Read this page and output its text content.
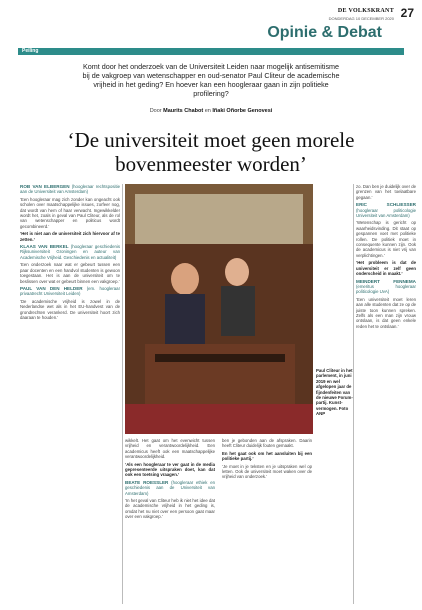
DE VOLKSKRANT
DONDERDAG 10 DECEMBER 2020 27
Opinie & Debat
Peiling
Komt door het onderzoek van de Universiteit Leiden naar mogelijk antisemitisme bij de vakgroep van wetenschapper en oud-senator Paul Cliteur de academische vrijheid in het geding? En hoever kan een hoogleraar gaan in zijn politieke profilering?
Door Maurits Chabot en Iñaki Oñorbe Genovesi
‘De universiteit moet geen morele bovenmeester worden’

ROB VAN ELBERGEN (hoogleraar rechtspositie aan de Universiteit van Amsterdam)

‘Een hoogleraar mag zich zonder kan ongeacht ook scholen over maatschappelijke issues, zorfeer nog, dat wordt van hem of haar verwacht. Ingewikkelder wordt het, zoals in geval van Paul Cliteur, als de rol van wetenschapper en politicus wordt gecombineerd.’

‘Het is niet aan de universiteit zich hiervoor af te zetten.’

KLAAS VAN BERKEL (hoogleraar geschiedenis Rijksuniversiteit Groningen en auteur van Academische Vrijheid. Geschiedenis en actualiteit)

‘Een onderzoek naar wat er gebeurt tussen een paar docenten en een handvol studenten is gewoon toegestaan. Het is aan de universiteit om te beslissen over wat er gebeurt binnen een vakgroep.’

PAUL VAN DEN HELDER (em. hoogleraar privaatrecht Universiteit Leiden)

‘De academische vrijheid is zowel in de Nederlandse wet als in het EU-handvest van de grondrechten verankerd. De universiteit hoort zich daaraan te houden.’

wikkelt. Het gaat om het evenwicht tussen vrijheid en verantwoordelijkheid. Een academicus heeft ook een maatschappelijke verantwoordelijkheid.

‘Als een hoogleraar te ver gaat in de media gepresenteerde uitspraken doet, kan dat ook een toetsing vraagen.’

BEATE ROESSLER (hoogleraar ethiek en geschiedenis aan de Universiteit van Amsterdam)

‘In het geval van Cliteur heb ik niet het idee dat de academische vrijheid in het geding is, omdat het nu niet over een persoon gaat maar over een vakgroep.’

ben je gebonden aan de afspraken. Daarin heeft Cliteur duidelijk fouten gemaakt.

En het gaat ook om het aansluiten bij een politieke partij.’

‘Je moet in je teksten en je uitspraken wel op letten. Ook de universiteit moet waken over de vrijheid van onderzoek.’

Paul Cliteur in het parlement, in juni 2019 en wel afgelopen jaar de fijndenfeiten van de nieuwe Forum-partij. Kunst-vermogen. Foto ANP

zo. Dan ben je duidelijk over de grenzen van het toelaatbare gegaan.’

ERIC SCHLIESSER (hoogleraar politicologie Universiteit van Amsterdam)

‘Wetenschap is gericht op waarheidsvinding. Dit staat op gespannen voet met politieke rollen. De politiek moet in consequente kunnen zijn. Ook de academicus is niet vrij van verplichtingen.’

‘Het probleem is dat de universiteit er zelf geen onderscheid in maakt.’

MEINDERT FENNEMA (emeritus hoogleraar politicologie UvA)

‘Een universiteit moet leren aan alle studenten dat ze op de juiste toon kunnen spreken. Zelfs als een man zijn vrouw ontslaan, is dat geen enkele reden het te ontslaan.’
